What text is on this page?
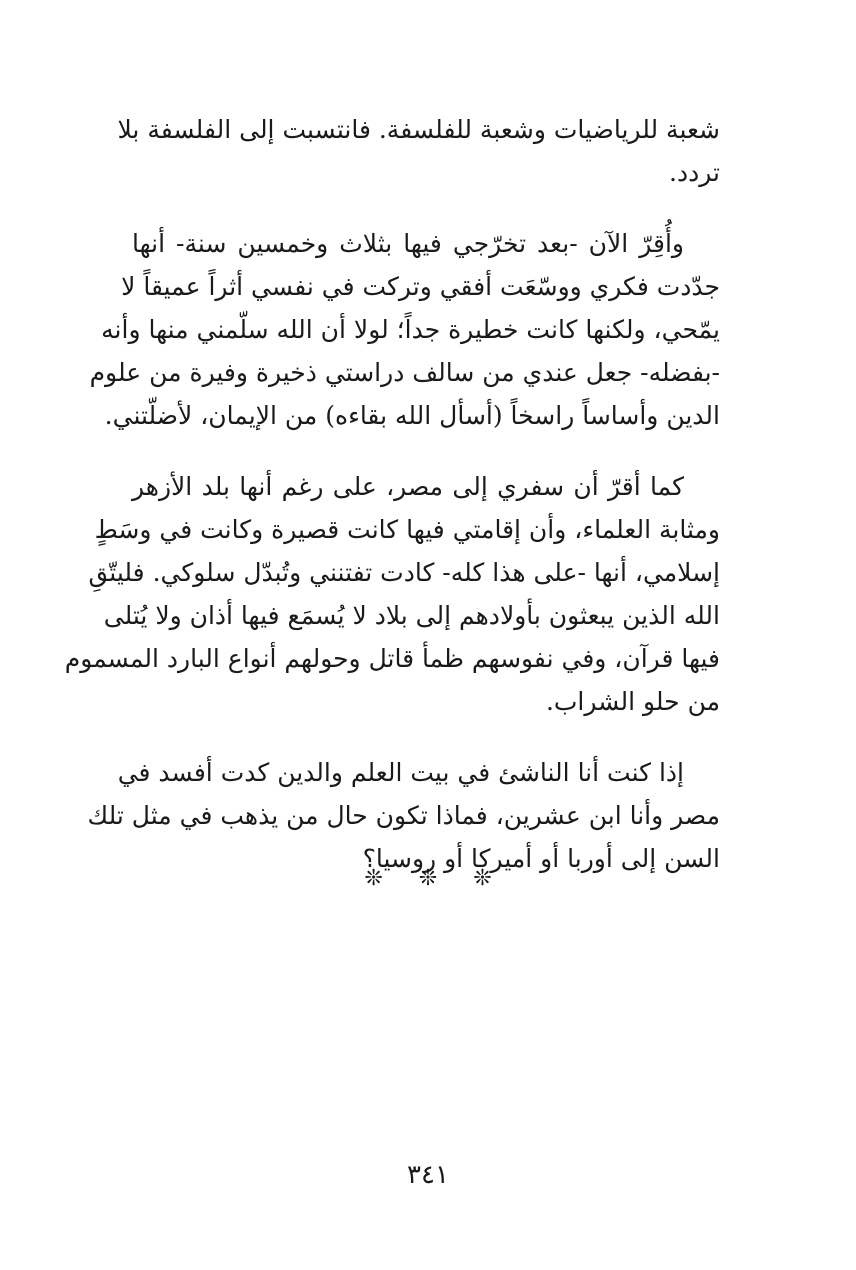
شعبة للرياضيات وشعبة للفلسفة. فانتسبت إلى الفلسفة بلا
تردد.
وأُقِرّ الآن -بعد تخرّجي فيها بثلاث وخمسين سنة- أنها
جدّدت فكري ووسّعَت أفقي وتركت في نفسي أثراً عميقاً لا
يمّحي، ولكنها كانت خطيرة جداً؛ لولا أن الله سلّمني منها وأنه
-بفضله- جعل عندي من سالف دراستي ذخيرة وفيرة من علوم
الدين وأساساً راسخاً (أسأل الله بقاءه) من الإيمان، لأضلّتني.
كما أقرّ أن سفري إلى مصر، على رغم أنها بلد الأزهر
ومثابة العلماء، وأن إقامتي فيها كانت قصيرة وكانت في وسَطٍ
إسلامي، أنها -على هذا كله- كادت تفتنني وتُبدّل سلوكي. فليتّقِ
الله الذين يبعثون بأولادهم إلى بلاد لا يُسمَع فيها أذان ولا يُتلى
فيها قرآن، وفي نفوسهم ظمأ قاتل وحولهم أنواع البارد المسموم
من حلو الشراب.
إذا كنت أنا الناشئ في بيت العلم والدين كدت أفسد في
مصر وأنا ابن عشرين، فماذا تكون حال من يذهب في مثل تلك
السن إلى أوربا أو أميركا أو روسيا؟
❊ ❊ ❊
٣٤١
